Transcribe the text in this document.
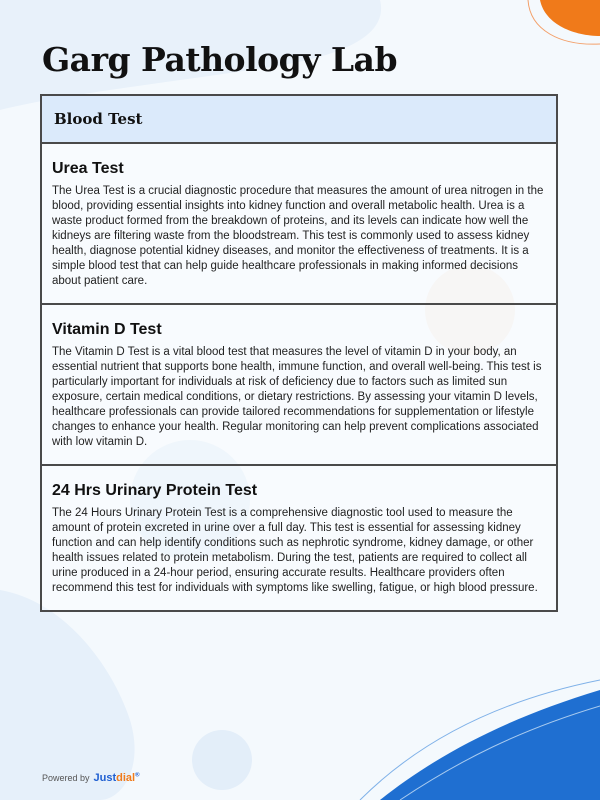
Garg Pathology Lab
Blood Test
Urea Test

The Urea Test is a crucial diagnostic procedure that measures the amount of urea nitrogen in the blood, providing essential insights into kidney function and overall metabolic health. Urea is a waste product formed from the breakdown of proteins, and its levels can indicate how well the kidneys are filtering waste from the bloodstream. This test is commonly used to assess kidney health, diagnose potential kidney diseases, and monitor the effectiveness of treatments. It is a simple blood test that can help guide healthcare professionals in making informed decisions about patient care.

Vitamin D Test

The Vitamin D Test is a vital blood test that measures the level of vitamin D in your body, an essential nutrient that supports bone health, immune function, and overall well-being. This test is particularly important for individuals at risk of deficiency due to factors such as limited sun exposure, certain medical conditions, or dietary restrictions. By assessing your vitamin D levels, healthcare professionals can provide tailored recommendations for supplementation or lifestyle changes to enhance your health. Regular monitoring can help prevent complications associated with low vitamin D.

24 Hrs Urinary Protein Test

The 24 Hours Urinary Protein Test is a comprehensive diagnostic tool used to measure the amount of protein excreted in urine over a full day. This test is essential for assessing kidney function and can help identify conditions such as nephrotic syndrome, kidney damage, or other health issues related to protein metabolism. During the test, patients are required to collect all urine produced in a 24-hour period, ensuring accurate results. Healthcare providers often recommend this test for individuals with symptoms like swelling, fatigue, or high blood pressure.

Powered by Justdial®
